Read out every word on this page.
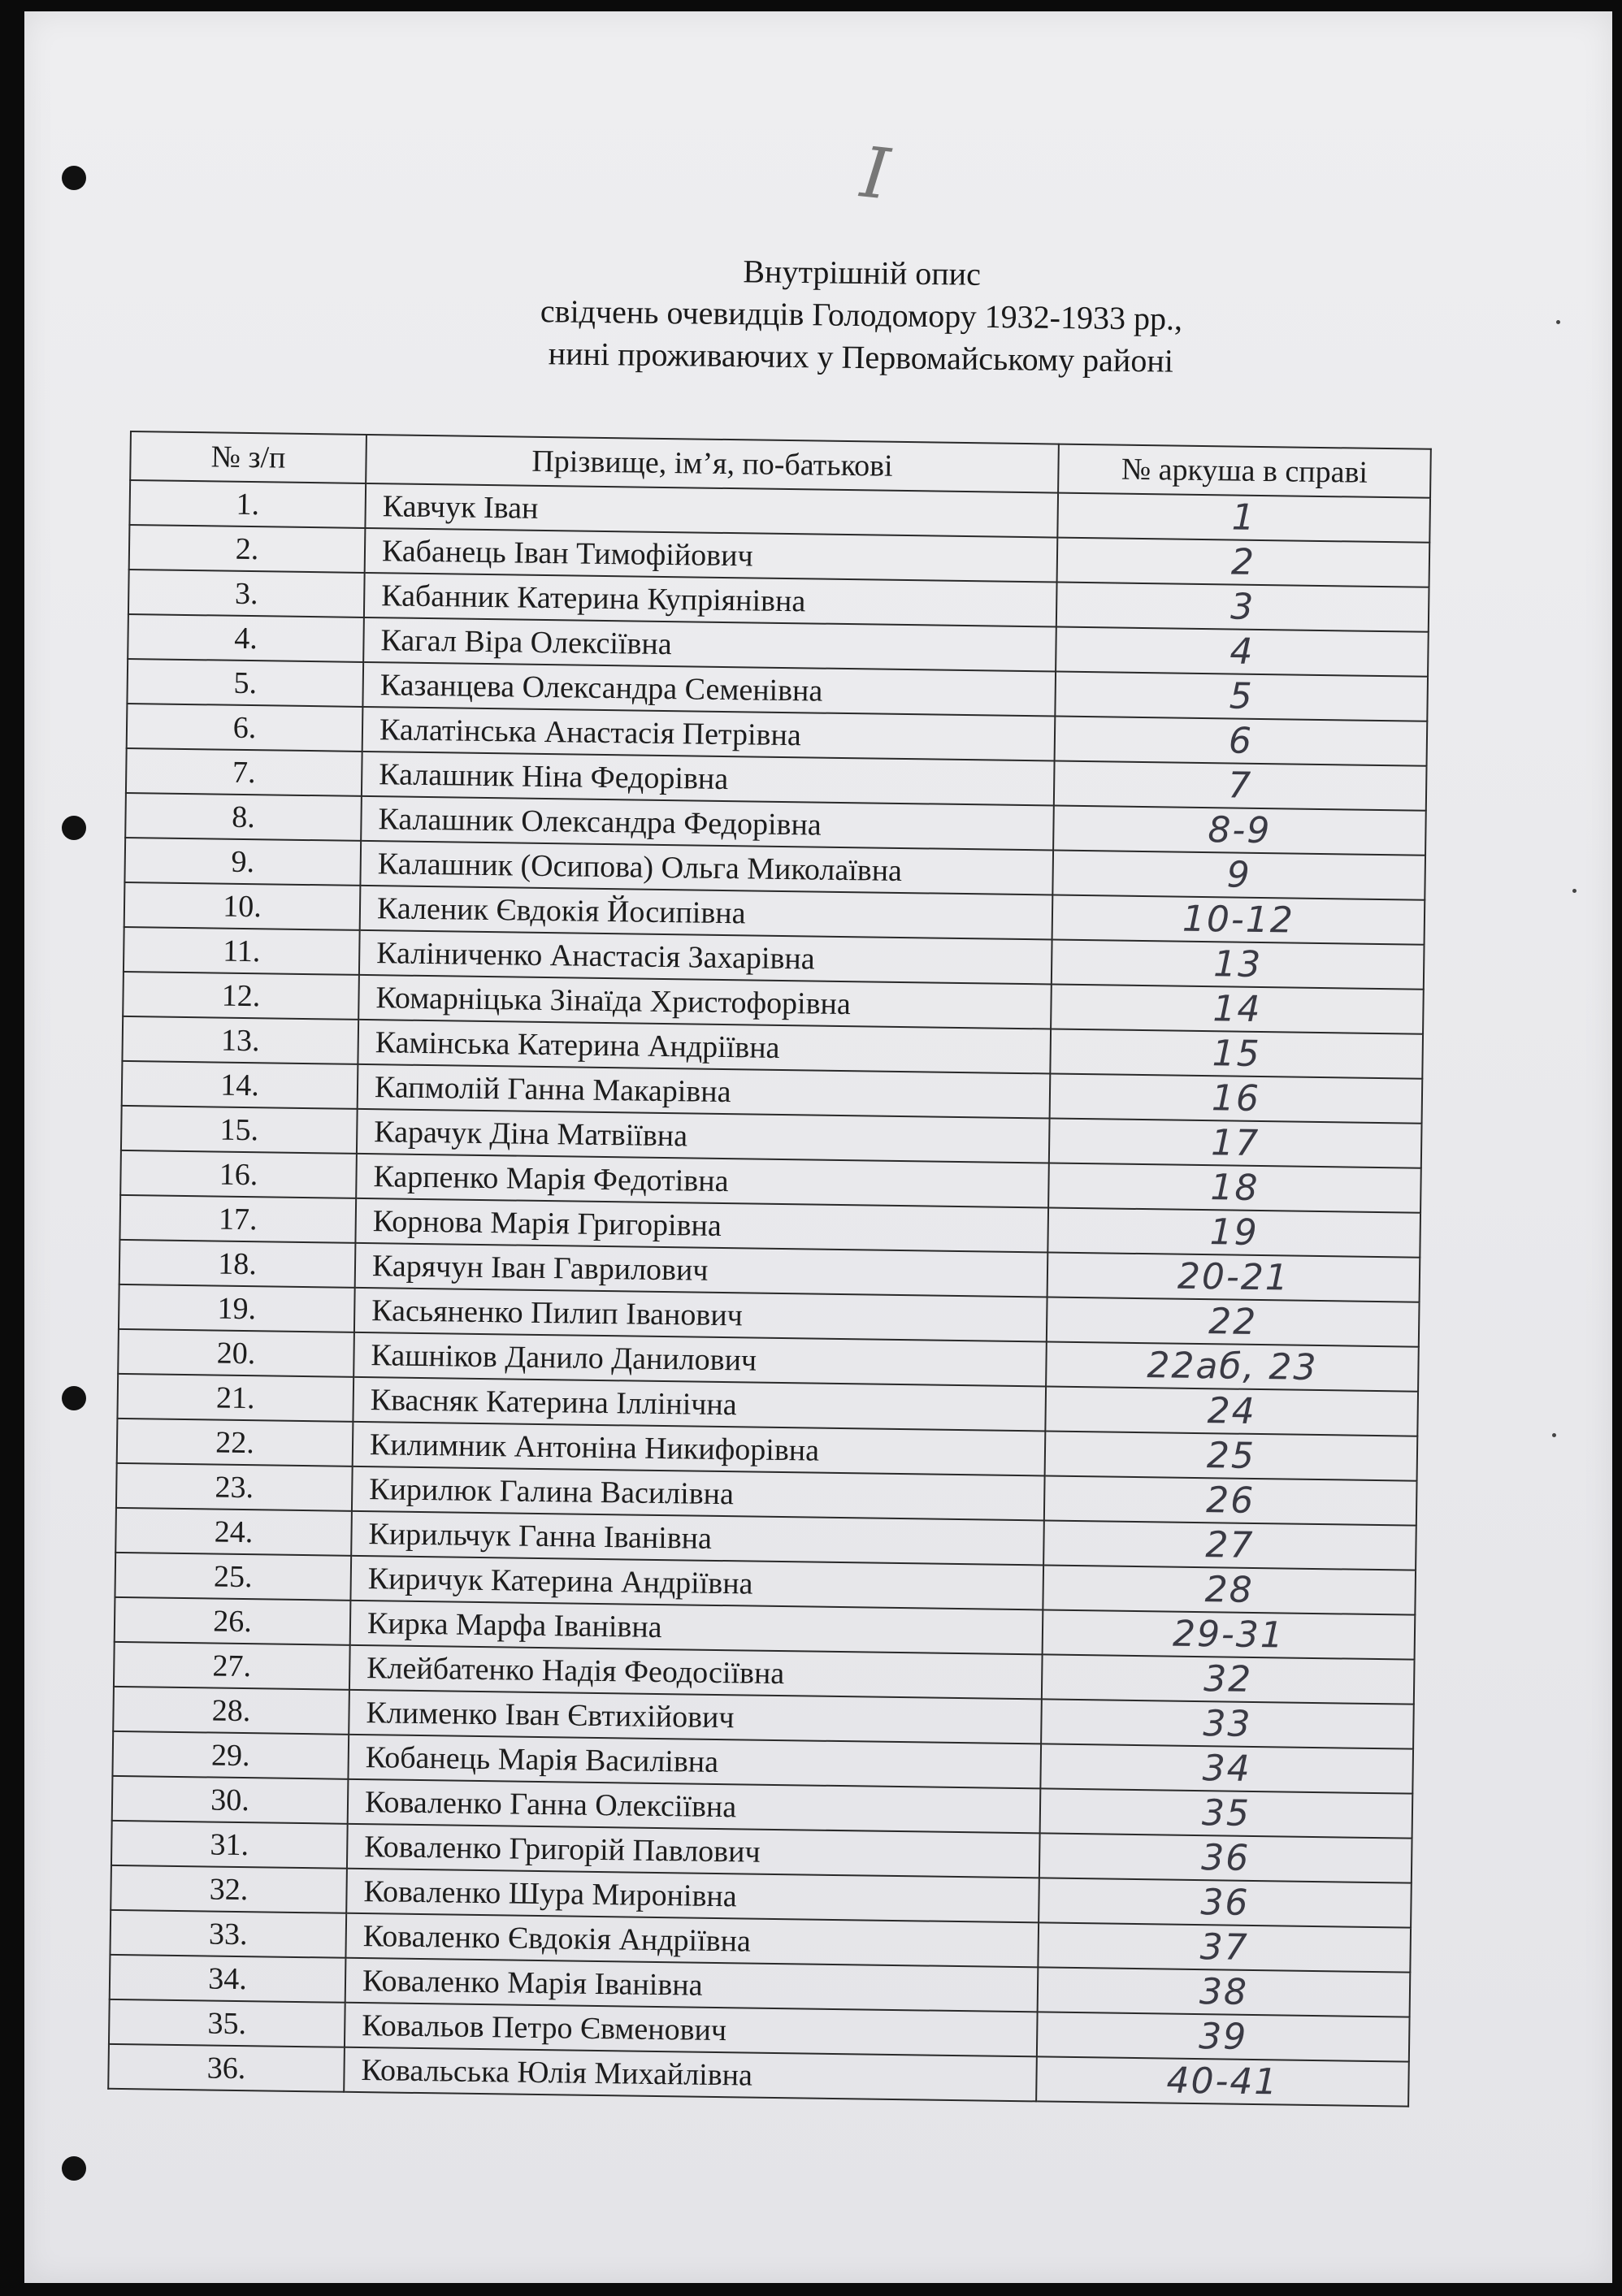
I
Внутрішній опис
свідчень очевидців Голодомору 1932-1933 рр.,
нині проживаючих у Первомайському районі
№ з/п	Прізвище, ім’я, по-батькові	№ аркуша в справі
1.	Кавчук Іван	1
2.	Кабанець Іван Тимофійович	2
3.	Кабанник Катерина Купріянівна	3
4.	Кагал Віра Олексіївна	4
5.	Казанцева Олександра Семенівна	5
6.	Калатінська Анастасія Петрівна	6
7.	Калашник Ніна Федорівна	7
8.	Калашник Олександра Федорівна	8-9
9.	Калашник (Осипова) Ольга Миколаївна	9
10.	Каленик Євдокія Йосипівна	10-12
11.	Каліниченко Анастасія Захарівна	13
12.	Комарніцька Зінаїда Христофорівна	14
13.	Камінська Катерина Андріївна	15
14.	Капмолій Ганна Макарівна	16
15.	Карачук Діна Матвіївна	17
16.	Карпенко Марія Федотівна	18
17.	Корнова Марія Григорівна	19
18.	Карячун Іван Гаврилович	20-21
19.	Касьяненко Пилип Іванович	22
20.	Кашніков Данило Данилович	22аб, 23
21.	Квасняк Катерина Іллінічна	24
22.	Килимник Антоніна Никифорівна	25
23.	Кирилюк Галина Василівна	26
24.	Кирильчук Ганна Іванівна	27
25.	Киричук Катерина Андріївна	28
26.	Кирка Марфа Іванівна	29-31
27.	Клейбатенко Надія Феодосіївна	32
28.	Клименко Іван Євтихійович	33
29.	Кобанець Марія Василівна	34
30.	Коваленко Ганна Олексіївна	35
31.	Коваленко Григорій Павлович	36
32.	Коваленко Шура Миронівна	36
33.	Коваленко Євдокія Андріївна	37
34.	Коваленко Марія Іванівна	38
35.	Ковальов Петро Євменович	39
36.	Ковальська Юлія Михайлівна	40-41
